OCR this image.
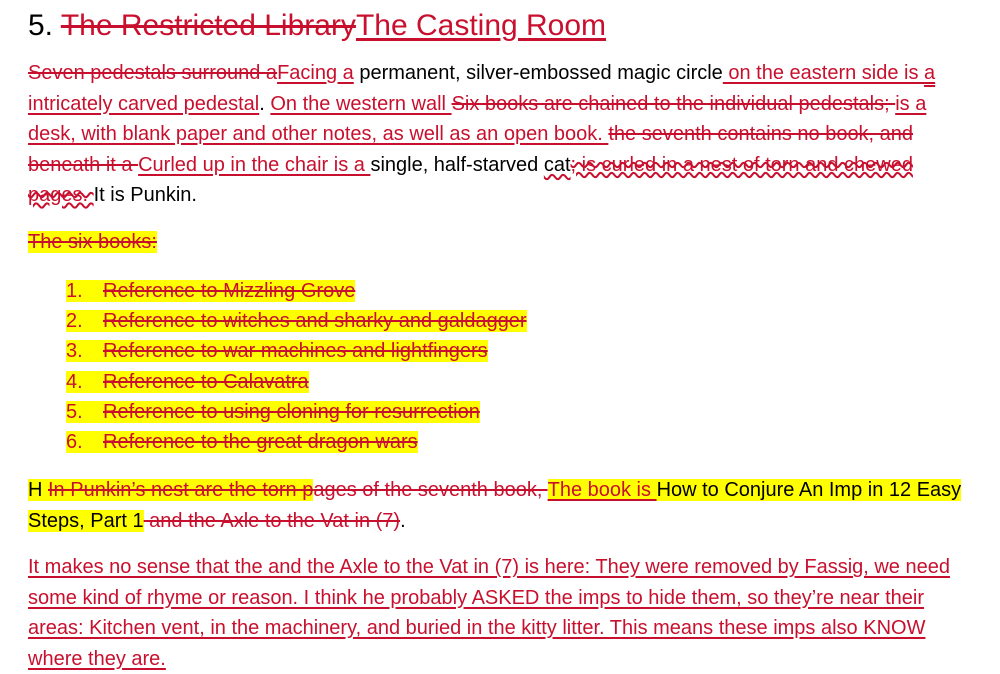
5. The Restricted LibraryThe Casting Room
Seven pedestals surround aFacing a permanent, silver-embossed magic circle on the eastern side is a intricately carved pedestal. On the western wall Six books are chained to the individual pedestals; is a desk, with blank paper and other notes, as well as an open book. the seventh contains no book, and beneath it a Curled up in the chair is a single, half-starved cat; is curled in a nest of torn and chewed pages. It is Punkin.
The six books:
1. Reference to Mizzling Grove
2. Reference to witches and sharky and galdagger
3. Reference to war machines and lightfingers
4. Reference to Calavatra
5. Reference to using cloning for resurrection
6. Reference to the great dragon wars
H In Punkin’s nest are the torn pages of the seventh book, The book is How to Conjure An Imp in 12 Easy Steps, Part 1 and the Axle to the Vat in (7).
It makes no sense that the and the Axle to the Vat in (7) is here: They were removed by Fassig, we need some kind of rhyme or reason. I think he probably ASKED the imps to hide them, so they’re near their areas: Kitchen vent, in the machinery, and buried in the kitty litter. This means these imps also KNOW where they are.
